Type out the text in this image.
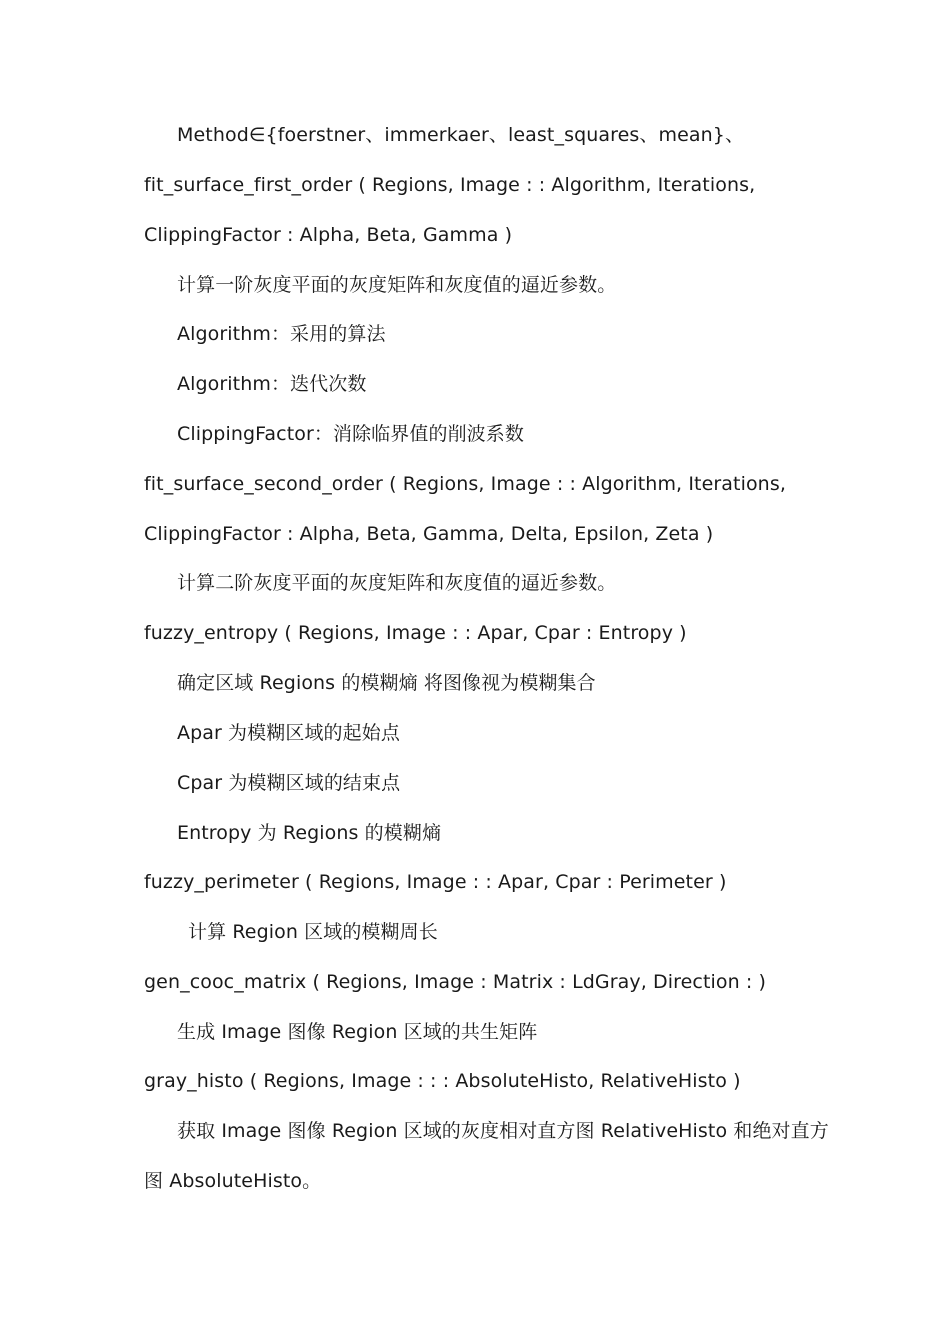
Method∈{foerstner、immerkaer、least_squares、mean}、
fit_surface_first_order ( Regions, Image : : Algorithm, Iterations,
ClippingFactor : Alpha, Beta, Gamma )
计算一阶灰度平面的灰度矩阵和灰度值的逼近参数。
Algorithm：采用的算法
Algorithm：迭代次数
ClippingFactor：消除临界值的削波系数
fit_surface_second_order ( Regions, Image : : Algorithm, Iterations,
ClippingFactor : Alpha, Beta, Gamma, Delta, Epsilon, Zeta )
计算二阶灰度平面的灰度矩阵和灰度值的逼近参数。
fuzzy_entropy ( Regions, Image : : Apar, Cpar : Entropy )
确定区域 Regions 的模糊熵 将图像视为模糊集合
Apar 为模糊区域的起始点
Cpar 为模糊区域的结束点
Entropy 为 Regions 的模糊熵
fuzzy_perimeter ( Regions, Image : : Apar, Cpar : Perimeter )
计算 Region 区域的模糊周长
gen_cooc_matrix ( Regions, Image : Matrix : LdGray, Direction : )
生成 Image 图像 Region 区域的共生矩阵
gray_histo ( Regions, Image : : : AbsoluteHisto, RelativeHisto )
获取 Image 图像 Region 区域的灰度相对直方图 RelativeHisto 和绝对直方
图 AbsoluteHisto。
